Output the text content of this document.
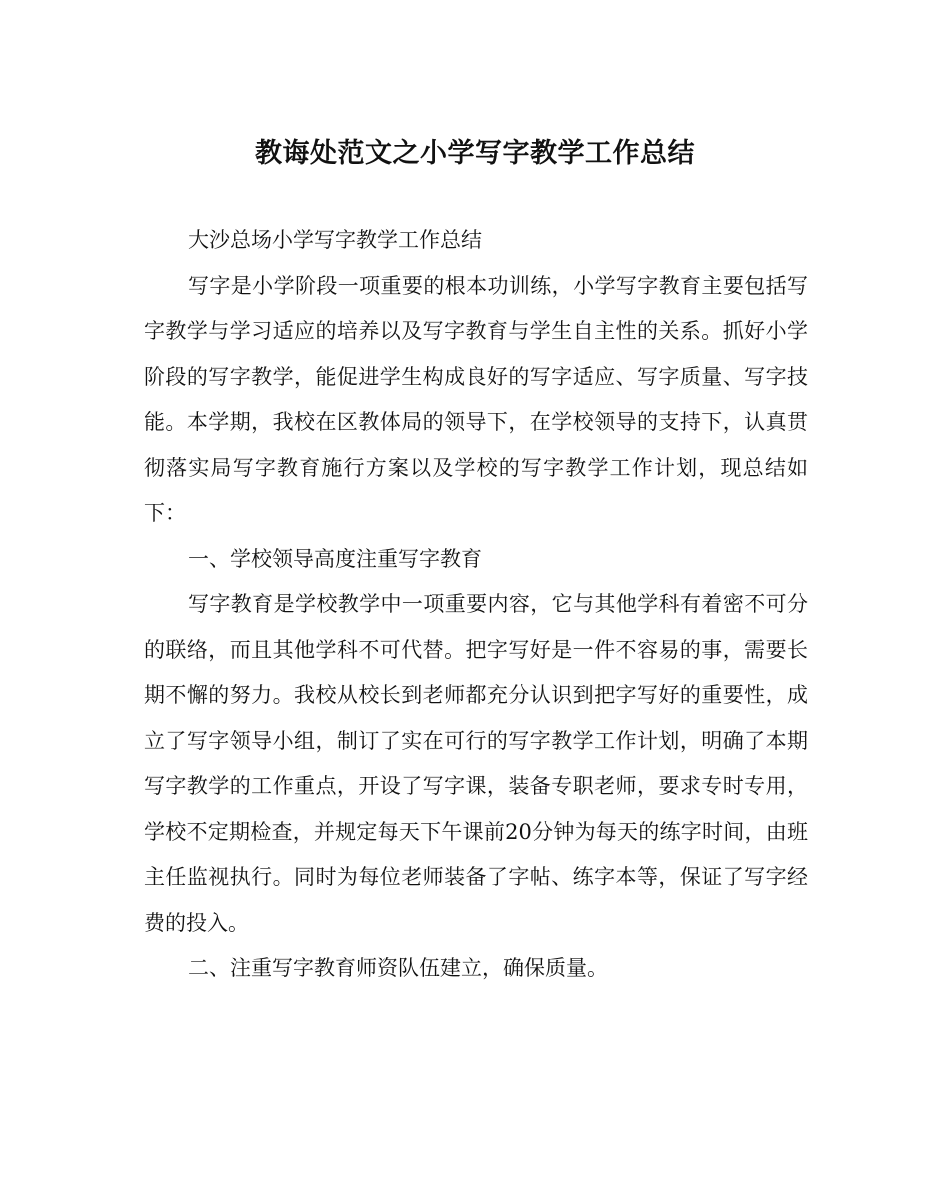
教诲处范文之小学写字教学工作总结

大沙总场小学写字教学工作总结

写字是小学阶段一项重要的根本功训练，小学写字教育主要包括写字教学与学习适应的培养以及写字教育与学生自主性的关系。抓好小学阶段的写字教学，能促进学生构成良好的写字适应、写字质量、写字技能。本学期，我校在区教体局的领导下，在学校领导的支持下，认真贯彻落实局写字教育施行方案以及学校的写字教学工作计划，现总结如下：

一、学校领导高度注重写字教育

写字教育是学校教学中一项重要内容，它与其他学科有着密不可分的联络，而且其他学科不可代替。把字写好是一件不容易的事，需要长期不懈的努力。我校从校长到老师都充分认识到把字写好的重要性，成立了写字领导小组，制订了实在可行的写字教学工作计划，明确了本期写字教学的工作重点，开设了写字课，装备专职老师，要求专时专用，学校不定期检查，并规定每天下午课前20分钟为每天的练字时间，由班主任监视执行。同时为每位老师装备了字帖、练字本等，保证了写字经费的投入。

二、注重写字教育师资队伍建立，确保质量。
